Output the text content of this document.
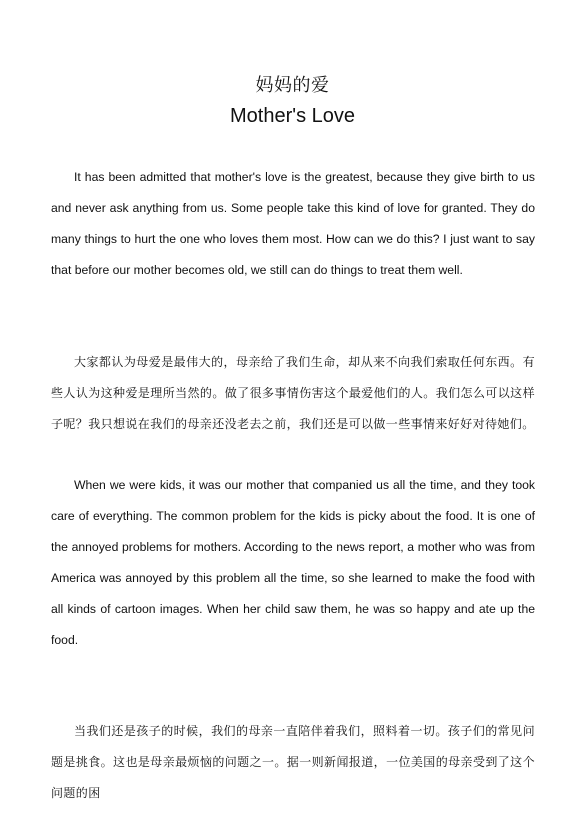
妈妈的爱
Mother's Love

It has been admitted that mother's love is the greatest, because they give birth to us and never ask anything from us. Some people take this kind of love for granted. They do many things to hurt the one who loves them most. How can we do this? I just want to say that before our mother becomes old, we still can do things to treat them well.

大家都认为母爱是最伟大的，母亲给了我们生命，却从来不向我们索取任何东西。有些人认为这种爱是理所当然的。做了很多事情伤害这个最爱他们的人。我们怎么可以这样子呢？我只想说在我们的母亲还没老去之前，我们还是可以做一些事情来好好对待她们。

When we were kids, it was our mother that companied us all the time, and they took care of everything. The common problem for the kids is picky about the food. It is one of the annoyed problems for mothers. According to the news report, a mother who was from America was annoyed by this problem all the time, so she learned to make the food with all kinds of cartoon images. When her child saw them, he was so happy and ate up the food.

当我们还是孩子的时候，我们的母亲一直陪伴着我们，照料着一切。孩子们的常见问题是挑食。这也是母亲最烦恼的问题之一。据一则新闻报道，一位美国的母亲受到了这个问题的困
